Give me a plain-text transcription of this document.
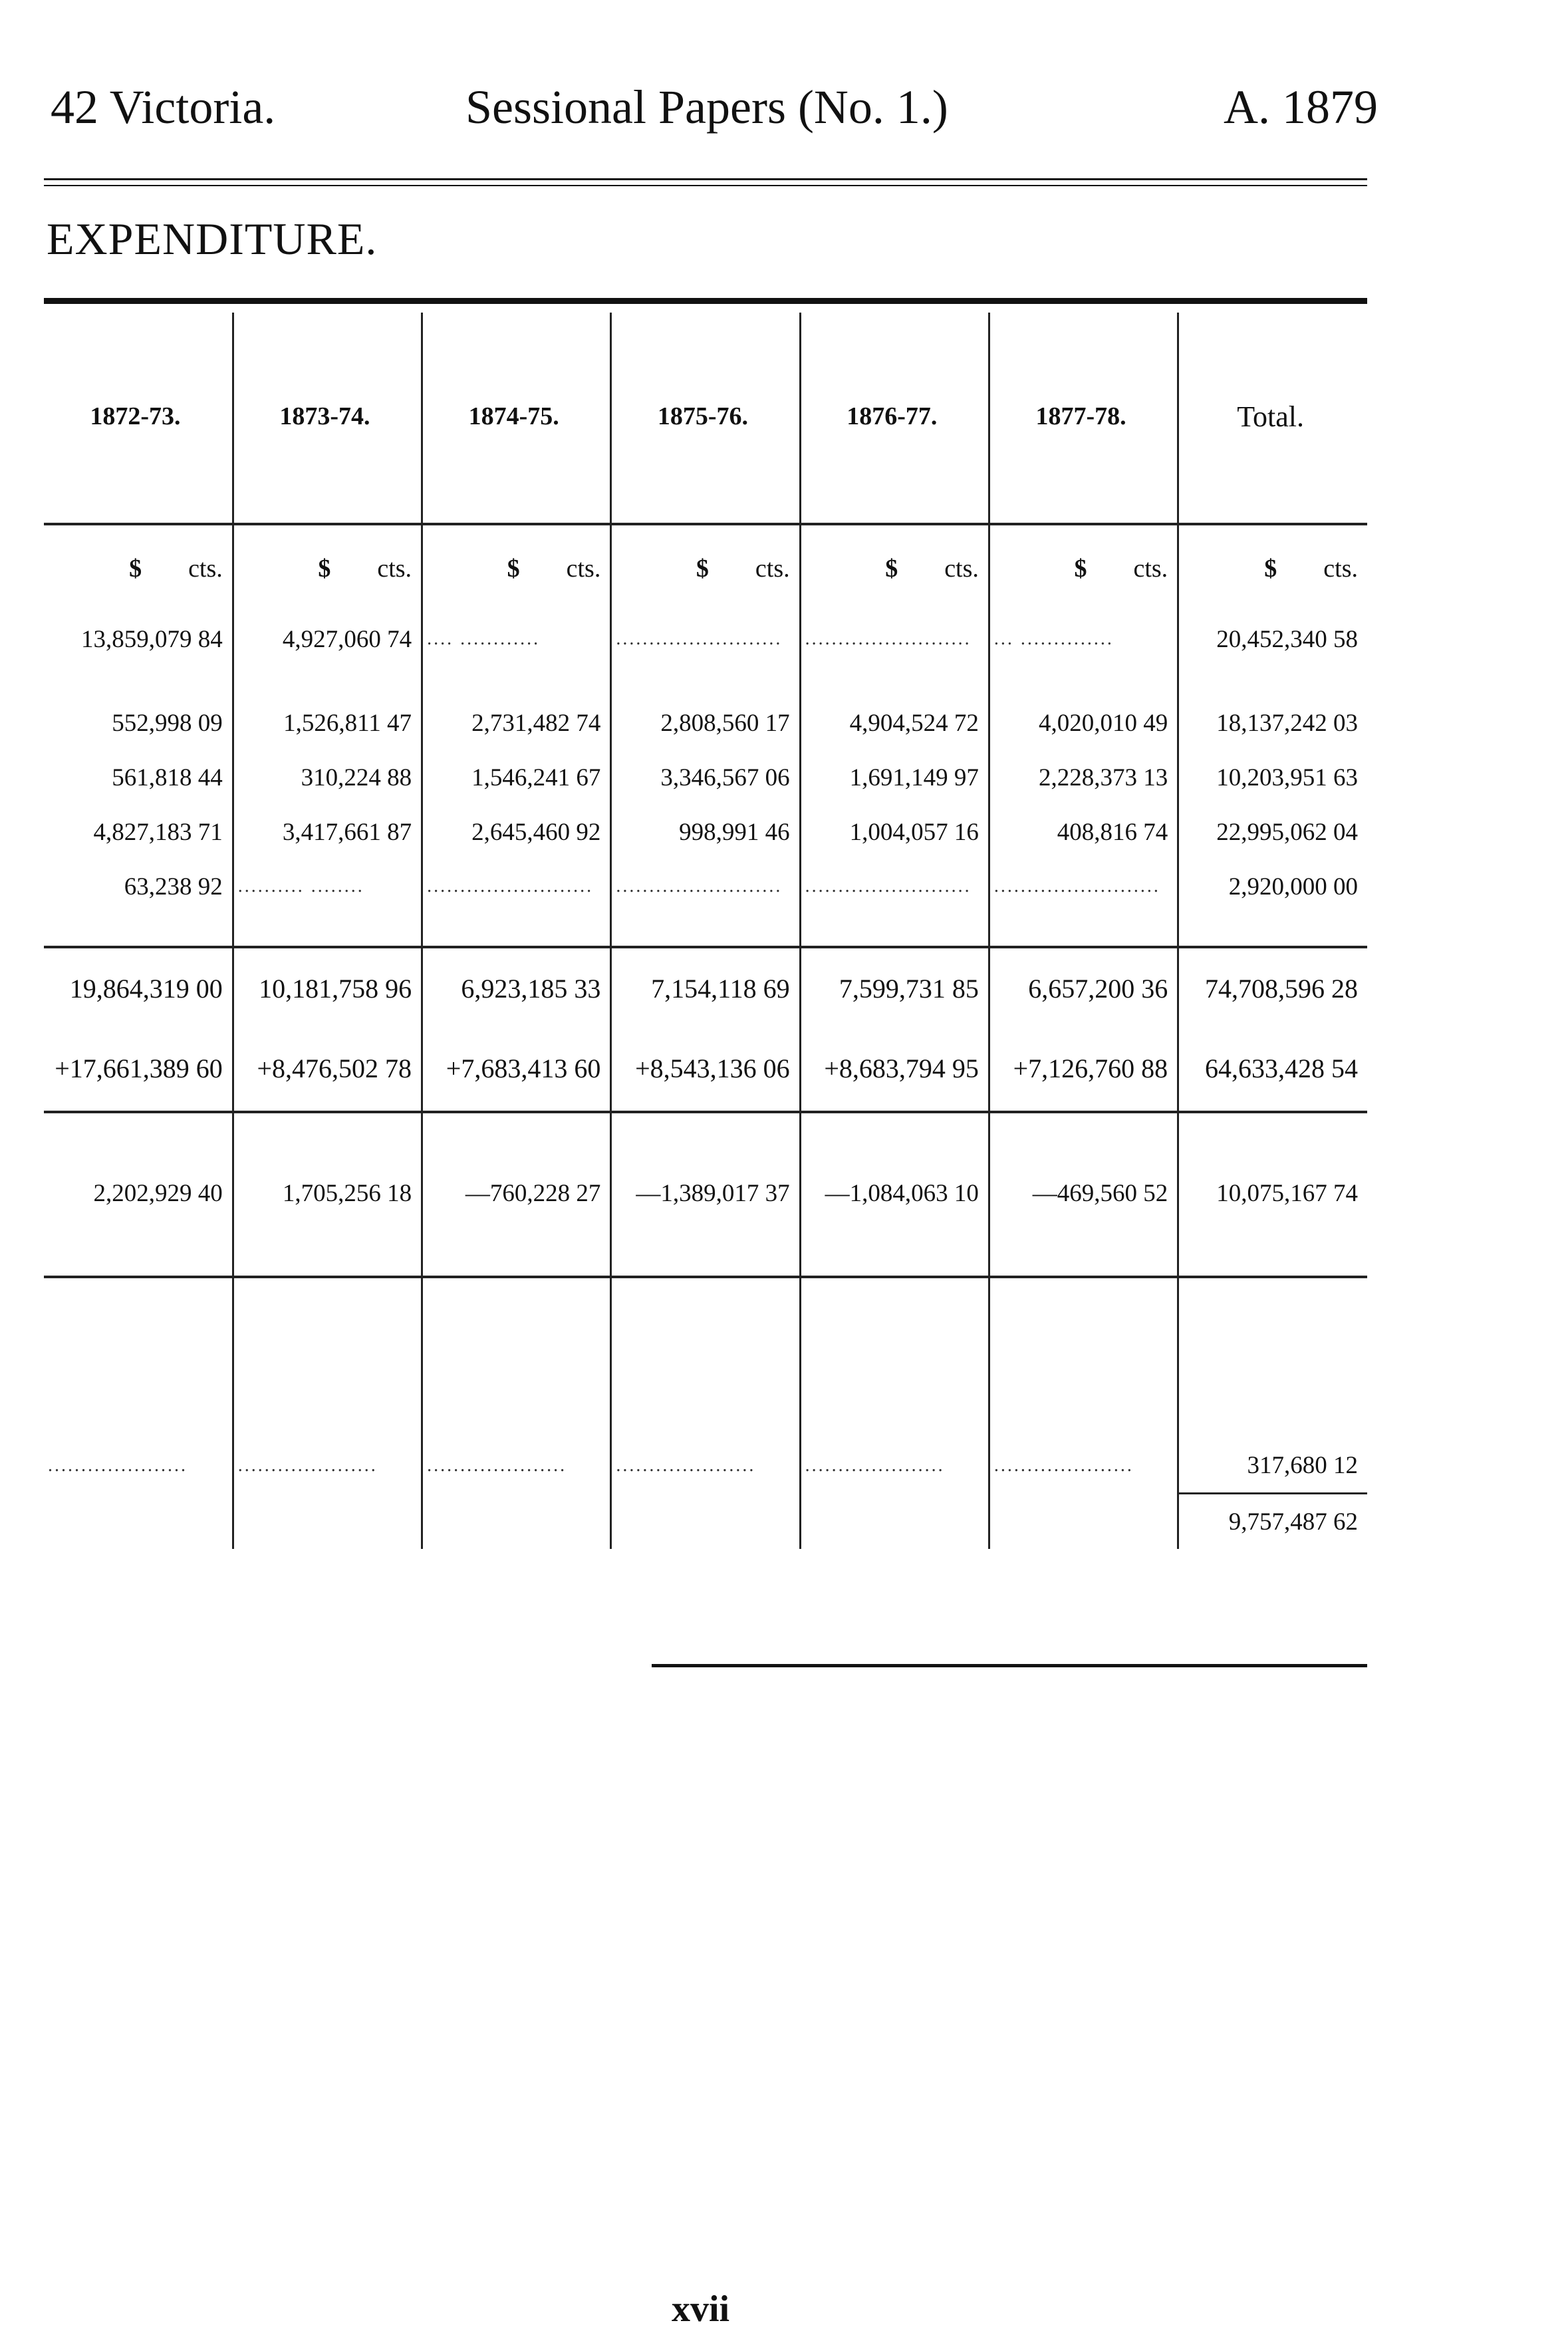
42 Victoria.	Sessional Papers (No. 1.)	A. 1879
EXPENDITURE.
1872-73.	1873-74.	1874-75.	1875-76.	1876-77.	1877-78.	Total.

$ cts.	$ cts.	$ cts.	$ cts.	$ cts.	$ cts.	$ cts.
13,859,079 84	4,927,060 74	.... ............	.........................	.........................	... ..............	20,452,340 58

552,998 09	1,526,811 47	2,731,482 74	2,808,560 17	4,904,524 72	4,020,010 49	18,137,242 03
561,818 44	310,224 88	1,546,241 67	3,346,567 06	1,691,149 97	2,228,373 13	10,203,951 63
4,827,183 71	3,417,661 87	2,645,460 92	998,991 46	1,004,057 16	408,816 74	22,995,062 04
63,238 92	.......... ........	.........................	.........................	.........................	.........................	2,920,000 00

19,864,319 00	10,181,758 96	6,923,185 33	7,154,118 69	7,599,731 85	6,657,200 36	74,708,596 28
+17,661,389 60	+8,476,502 78	+7,683,413 60	+8,543,136 06	+8,683,794 95	+7,126,760 88	64,633,428 54

2,202,929 40	1,705,256 18	—760,228 27	—1,389,017 37	—1,084,063 10	—469,560 52	10,075,167 74

.....................	.....................	.....................	.....................	.....................	.....................	317,680 12
						9,757,487 62
xvii
